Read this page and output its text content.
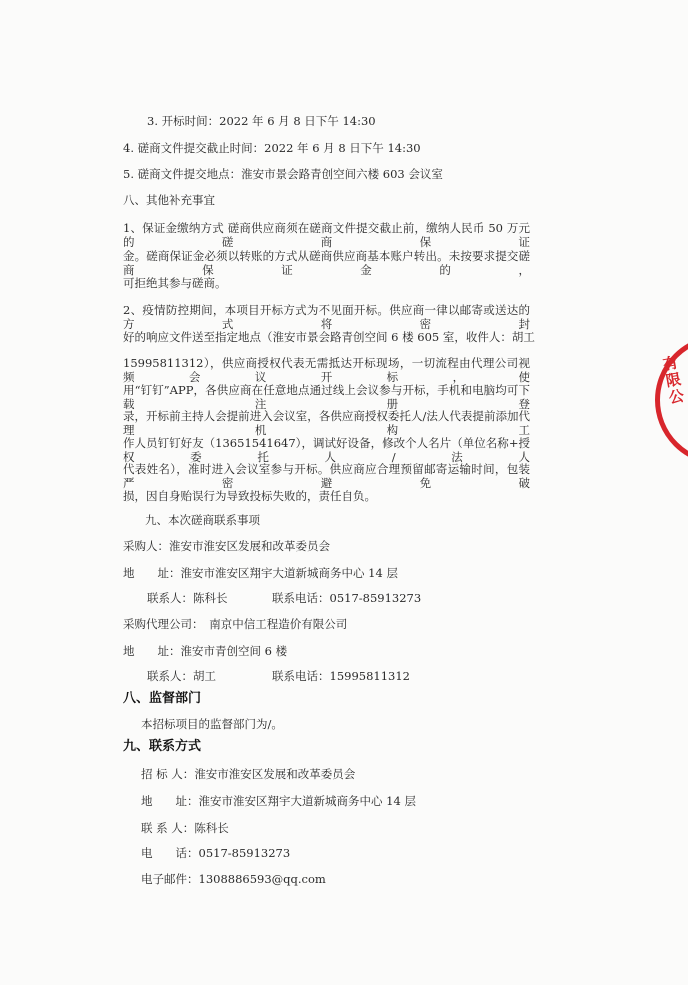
3. 开标时间：2022 年 6 月 8 日下午 14:30
4. 磋商文件提交截止时间：2022 年 6 月 8 日下午 14:30
5. 磋商文件提交地点：淮安市景会路青创空间六楼 603 会议室
八、其他补充事宜
1、保证金缴纳方式 磋商供应商须在磋商文件提交截止前，缴纳人民币 50 万元的磋商保证
金。磋商保证金必须以转账的方式从磋商供应商基本账户转出。未按要求提交磋商保证金的，
可拒绝其参与磋商。
2、疫情防控期间，本项目开标方式为不见面开标。供应商一律以邮寄或送达的方式将密封
好的响应文件送至指定地点（淮安市景会路青创空间 6 楼 605 室，收件人：胡工
15995811312），供应商授权代表无需抵达开标现场，一切流程由代理公司视频会议开标，使
用“钉钉”APP，各供应商在任意地点通过线上会议参与开标，手机和电脑均可下载注册登
录，开标前主持人会提前进入会议室，各供应商授权委托人/法人代表提前添加代理机构工
作人员钉钉好友（13651541647），调试好设备，修改个人名片（单位名称+授权委托人/法人
代表姓名），准时进入会议室参与开标。供应商应合理预留邮寄运输时间，包装严密避免破
损，因自身贻误行为导致投标失败的，责任自负。
九、本次磋商联系事项
采购人：淮安市淮安区发展和改革委员会
地　　址：淮安市淮安区翔宇大道新城商务中心 14 层
联系人：陈科长	联系电话：0517-85913273
采购代理公司：　南京中信工程造价有限公司
地　　址：淮安市青创空间 6 楼
联系人：胡工	联系电话：15995811312
八、监督部门
本招标项目的监督部门为/。
九、联系方式
招 标 人：淮安市淮安区发展和改革委员会
地　　址：淮安市淮安区翔宇大道新城商务中心 14 层
联 系 人：陈科长
电　　话：0517-85913273
电子邮件：1308886593@qq.com
有限公
